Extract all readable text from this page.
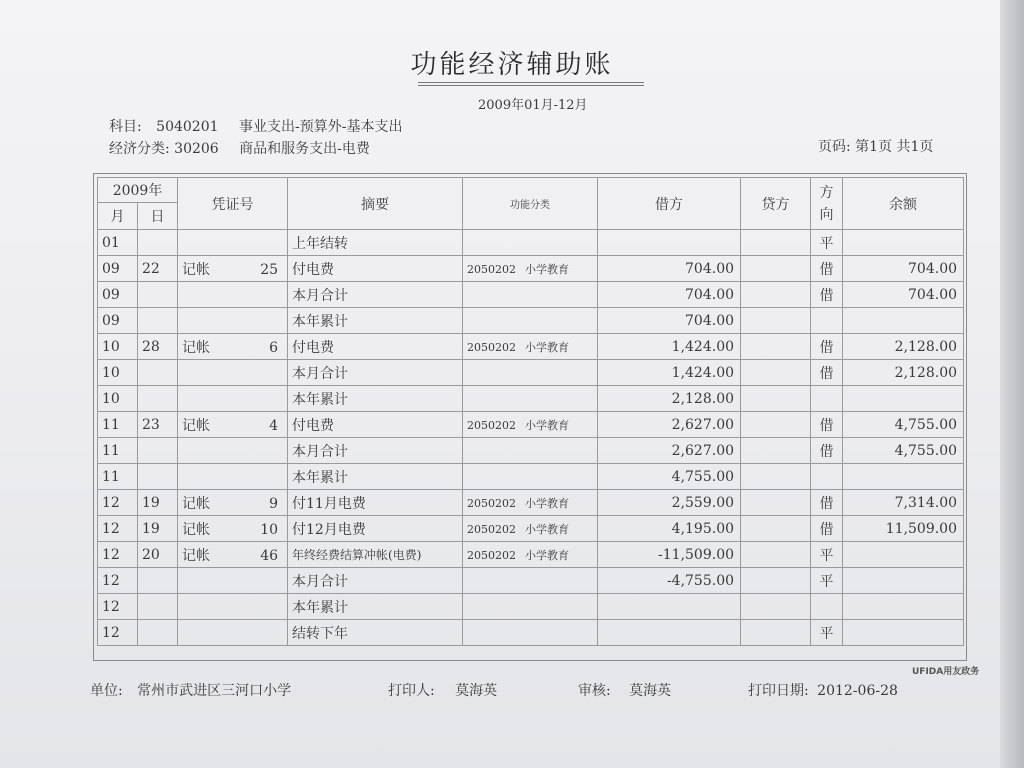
功能经济辅助账
2009年01月-12月
科目: 5040201 事业支出-预算外-基本支出
经济分类: 30206 商品和服务支出-电费	页码: 第1页 共1页
2009年		凭证号	摘要	功能分类	借方	贷方	方向	余额
月	日							
01			上年结转				平	
09	22	记帐 25	付电费	2050202 小学教育	704.00		借	704.00
09			本月合计		704.00		借	704.00
09			本年累计		704.00			
10	28	记帐 6	付电费	2050202 小学教育	1,424.00		借	2,128.00
10			本月合计		1,424.00		借	2,128.00
10			本年累计		2,128.00			
11	23	记帐 4	付电费	2050202 小学教育	2,627.00		借	4,755.00
11			本月合计		2,627.00		借	4,755.00
11			本年累计		4,755.00			
12	19	记帐 9	付11月电费	2050202 小学教育	2,559.00		借	7,314.00
12	19	记帐 10	付12月电费	2050202 小学教育	4,195.00		借	11,509.00
12	20	记帐 46	年终经费结算冲帐(电费)	2050202 小学教育	-11,509.00		平	
12			本月合计		-4,755.00		平	
12			本年累计					
12			结转下年				平	
UFIDA用友政务
单位: 常州市武进区三河口小学	打印人: 莫海英	审核: 莫海英	打印日期: 2012-06-28
